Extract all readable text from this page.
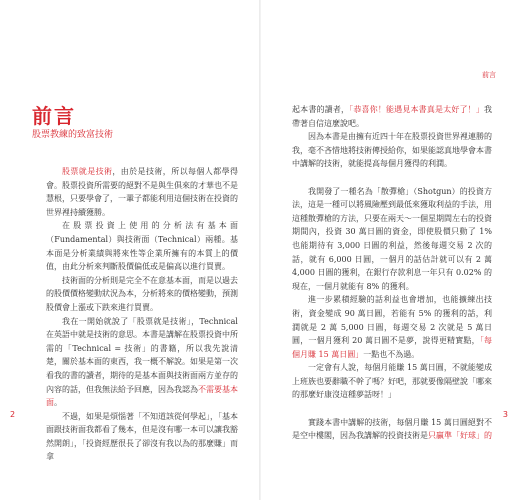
前言
股票教練的致富技術

股票就是技術，由於是技術，所以每個人都學得會。股票投資所需要的絕對不是與生俱來的才華也不是慧根，只要學會了，一輩子都能利用這個技術在投資的世界裡持續獲勝。

在股票投資上使用的分析法有基本面（Fundamental）與技術面（Technical）兩種。基本面是分析業績與將來性等企業所擁有的本質上的價值，由此分析來判斷股價偏低或是偏高以進行買賣。

技術面的分析則是完全不在意基本面，而是以過去的股價價格變動狀況為本，分析將來的價格變動，預測股價會上漲或下跌來進行買賣。

我在一開始就說了「股票就是技術」，Technical 在英語中就是技術的意思。本書是講解在股票投資中所需的「Technical = 技術」的書籍，所以我先說清楚，關於基本面的東西，我一概不解說。如果是第一次看我的書的讀者，期待的是基本面與技術面兩方並存的內容的話，但我無法給予回應，因為我認為不需要基本面。

不過，如果是煩惱著「不知道該從何學起」，「基本面跟技術面我都看了幾本，但是沒有哪一本可以讓我豁然開朗」，「投資經歷很長了卻沒有我以為的那麼賺」而拿

2
前言

起本書的讀者，「恭喜你！能遇見本書真是太好了！」我帶著自信這麼說吧。

因為本書是由擁有近四十年在股票投資世界裡連勝的我，毫不吝惜地將技術傳授給你，如果能認真地學會本書中講解的技術，就能提高每個月獲得的利潤。

我開發了一種名為「散彈槍」（Shotgun）的投資方法，這是一種可以將風險壓到最低來獲取利益的手法，用這種散彈槍的方法，只要在兩天～一個星期間左右的投資期間內，投資 30 萬日圓的資金，即使股價只動了 1% 也能期待有 3,000 日圓的利益，然後每週交易 2 次的話，就有 6,000 日圓，一個月的話估計就可以有 2 萬 4,000 日圓的獲利，在銀行存款利息一年只有 0.02% 的現在，一個月就能有 8% 的獲利。

進一步累積經驗的話利益也會增加，也能擴練出技術，資金變成 90 萬日圓，若能有 5% 的獲利的話，利潤就是 2 萬 5,000 日圓，每週交易 2 次就是 5 萬日圓，一個月獲利 20 萬日圓不是夢，說得更精實點，「每個月賺 15 萬日圓」一點也不為過。

一定會有人說，每個月能賺 15 萬日圓，不就能變成上班族也要辭職不幹了嗎？好吧，那就要像隔壁說「哪來的那麼好康沒這種夢話呀！」

實踐本書中講解的技術，每個月賺 15 萬日圓絕對不是空中樓閣，因為我講解的投資技術是只贏準「好球」的

3
